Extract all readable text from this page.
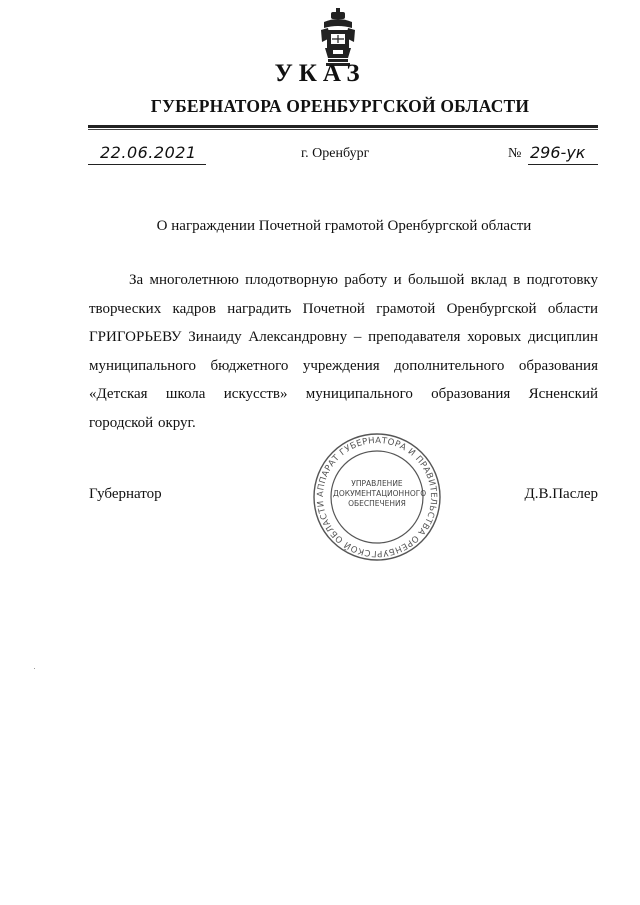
УКАЗ
ГУБЕРНАТОРА ОРЕНБУРГСКОЙ ОБЛАСТИ
22.06.2021	г. Оренбург	№ 296-ук
О награждении Почетной грамотой Оренбургской области
За многолетнюю плодотворную работу и большой вклад в подготовку творческих кадров наградить Почетной грамотой Оренбургской области ГРИГОРЬЕВУ Зинаиду Александровну – преподавателя хоровых дисциплин муниципального бюджетного учреждения дополнительного образования «Детская школа искусств» муниципального образования Ясненский городской округ.
Губернатор	Д.В.Паслер
АППАРАТ ГУБЕРНАТОРА И ПРАВИТЕЛЬСТВА ОРЕНБУРГСКОЙ ОБЛАСТИ
УПРАВЛЕНИЕ
ДОКУМЕНТАЦИОННОГО
ОБЕСПЕЧЕНИЯ
